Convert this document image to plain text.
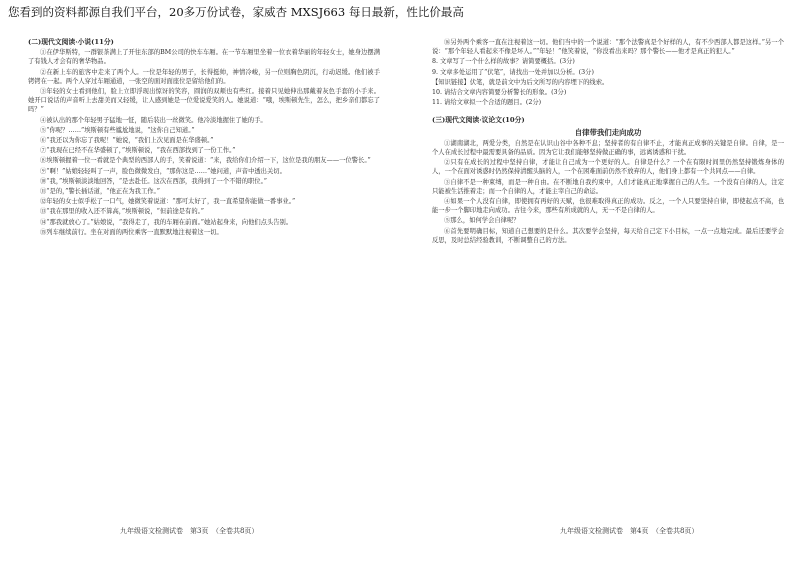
您看到的资料都源自我们平台，20多万份试卷，家威杏 MXSJ663 每日最新，性比价最高
(二)现代文阅读·小说(11分)
①在伊华斯特，一群银茶满上了开往东部的BM公司的快车车厢。在一节车厢里坐着一位衣着华丽的年轻女士，她身边摆满了有钱人才会有的奢华物品。
②在新上车的旅客中走来了两个人。一位是年轻的男子，长得挺帅，神情冷峻，另一位则胸色阴沉，行动迟缓。他们被手铐铐在一起。两个人穿过车厢通道，一张空的面对面座位是留给他们的。
③年轻的女士看到他们，脸上立即浮现出惊讶的笑容，圆润的双颊也有些红。接着只见她伸出那戴着灰色手套的小手来。她开口说话的声音听上去甜美而又轻缓，让人感到她是一位爱说爱笑的人。她说道：“哦，埃斯顿先生，怎么，把乡亲们都忘了吗？”
④被认出的那个年轻男子猛地一怔，随后装出一丝微笑。他冷淡地握住了她的手。
⑤“你呢？……”埃斯顿有些尴尬地说，“这你自己知道。”
⑥“我还以为你忘了我呢！”她说，“我们上次见面是在华盛顿。”
⑦“我现在已经不在华盛顿了，”埃斯顿说，“我在西部找到了一份工作。”
⑧埃斯顿握着一位一看就是个典型的西部人的手，笑着说道：“来，我给你们介绍一下，这位是我的朋友——一位警长。”
⑨“啊！”姑娘轻轻叫了一声，脸色微微发白，“那你这是……”她问道，声音中透出关切。
⑩“我，”埃斯顿淡淡地回答，“是去赴任。这次在西部，我得到了一个不错的职位。”
⑪“是的，”警长插话道，“他正在为我工作。”
⑫年轻的女士似乎松了一口气，她微笑着说道：“那可太好了，我一直希望你能做一番事业。”
⑬“我在那里的收入还不算高，”埃斯顿说，“但前途是有的。”
⑭“那我就放心了。”姑娘说，“我得走了，我的车厢在前面。”她站起身来，向他们点头告别。
⑮列车继续前行。坐在对面的两位乘客一直默默地注视着这一切。
九年级语文检测试卷　第3页　（全卷共8页）
⑯另外两个乘客一直在注视着这一切。他们当中的一个说道：“那个法警真是个好样的人，有不少西部人都是这样。”另一个说：“那个年轻人看起来不像是坏人。”“年轻！”他笑着说，“你没看出来吗？那个警长——他才是真正的犯人。”
8. 文章写了一个什么样的故事？请简要概括。(3分)
9. 文章多处运用了“伏笔”，请找出一处并加以分析。(3分)
【知识链接】伏笔，就是前文中为后文所写的内容埋下的线索。
10. 请结合文章内容简要分析警长的形象。(3分)
11. 请给文章拟一个合适的题目。(2分)
(三)现代文阅读·议论文(10分)
自律带我们走向成功
①湖南湖北，两爱分类，自然是在认识山谷中各种不息；坚持者的有自律不止，才能真正成事的关键是自律。自律，是一个人在成长过程中最需要具备的品质。因为它让我们能够坚持做正确的事，远离诱惑和干扰。
②只有在成长的过程中坚持自律，才能让自己成为一个更好的人。自律是什么？一个在有限时间里仍然坚持锻炼身体的人，一个在面对诱惑时仍然保持清醒头脑的人，一个在困难面前仍然不放弃的人，他们身上都有一个共同点——自律。
③自律不是一种束缚，而是一种自由。在不断地自我约束中，人们才能真正地掌握自己的人生。一个没有自律的人，注定只能被生活推着走；而一个自律的人，才能主宰自己的命运。
④如果一个人没有自律，即使拥有再好的天赋，也很难取得真正的成功。反之，一个人只要坚持自律，即使起点不高，也能一步一个脚印地走向成功。古往今来，那些有所成就的人，无一不是自律的人。
⑤那么，如何学会自律呢？
⑥首先要明确目标，知道自己想要的是什么。其次要学会坚持，每天给自己定下小目标，一点一点地完成。最后还要学会反思，及时总结经验教训，不断调整自己的方法。
九年级语文检测试卷　第4页　（全卷共8页）
